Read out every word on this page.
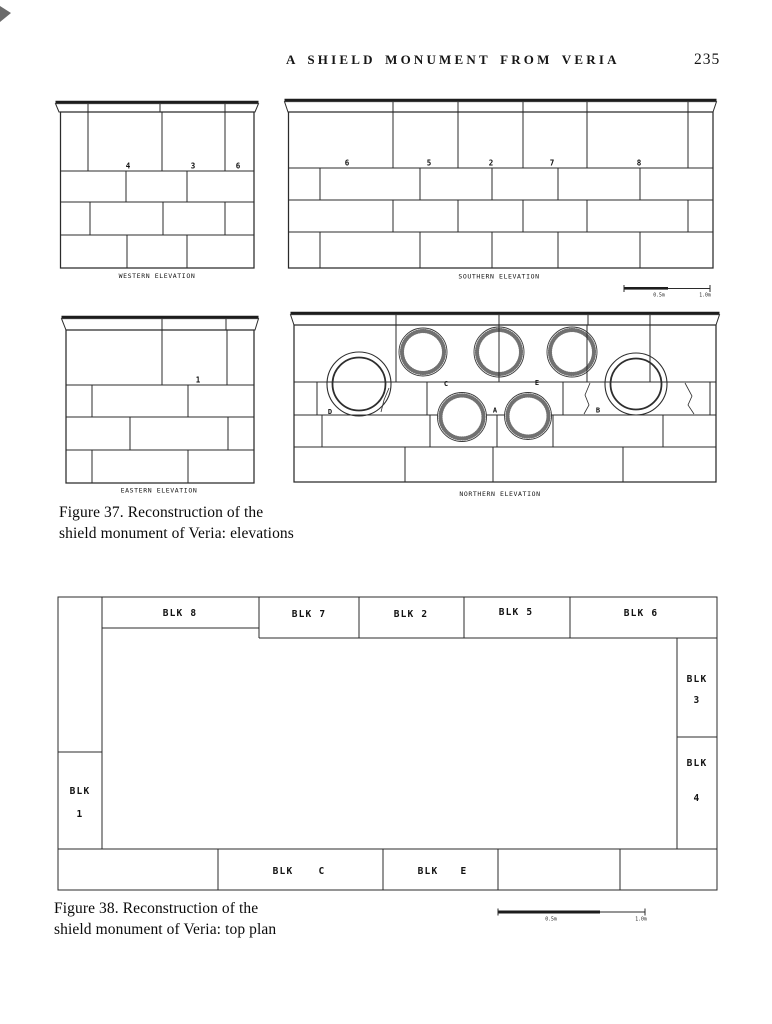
A SHIELD MONUMENT FROM VERIA	235
4	3	6
WESTERN ELEVATION
6	5	2	7	8
SOUTHERN ELEVATION
0.5m	1.0m
1
EASTERN ELEVATION
C	E
D	A	B
NORTHERN ELEVATION
BLK 8	BLK 7	BLK 2	BLK 5	BLK 6
BLK
3
BLK
4
BLK
1
BLK	C	BLK E
0.5m	1.0m
Figure 37. Reconstruction of the
shield monument of Veria: elevations
Figure 38. Reconstruction of the
shield monument of Veria: top plan
